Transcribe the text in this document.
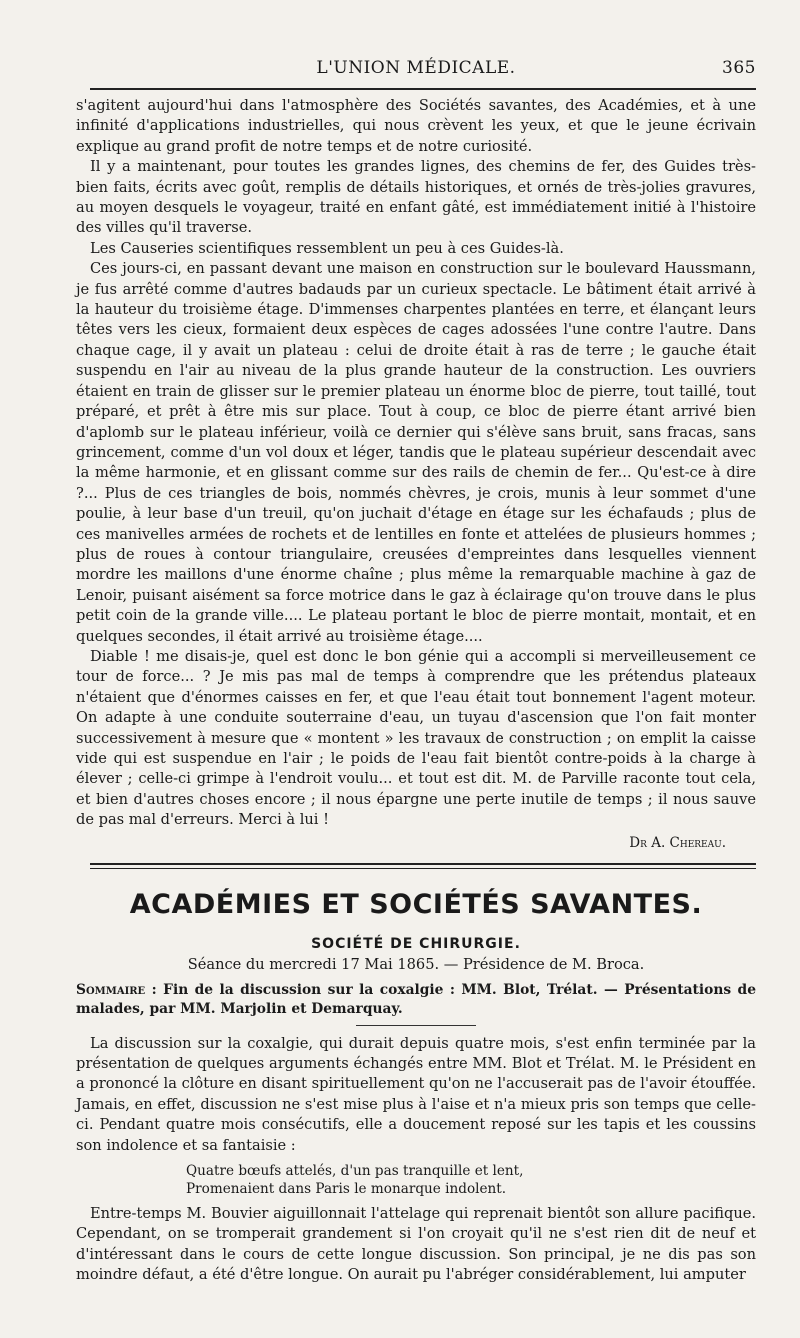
L'UNION MÉDICALE.	365

s'agitent aujourd'hui dans l'atmosphère des Sociétés savantes, des Académies, et à une infinité d'applications industrielles, qui nous crèvent les yeux, et que le jeune écrivain explique au grand profit de notre temps et de notre curiosité.

Il y a maintenant, pour toutes les grandes lignes, des chemins de fer, des Guides très-bien faits, écrits avec goût, remplis de détails historiques, et ornés de très-jolies gravures, au moyen desquels le voyageur, traité en enfant gâté, est immédiatement initié à l'histoire des villes qu'il traverse.

Les Causeries scientifiques ressemblent un peu à ces Guides-là.

Ces jours-ci, en passant devant une maison en construction sur le boulevard Haussmann, je fus arrêté comme d'autres badauds par un curieux spectacle. Le bâtiment était arrivé à la hauteur du troisième étage. D'immenses charpentes plantées en terre, et élançant leurs têtes vers les cieux, formaient deux espèces de cages adossées l'une contre l'autre. Dans chaque cage, il y avait un plateau : celui de droite était à ras de terre ; le gauche était suspendu en l'air au niveau de la plus grande hauteur de la construction. Les ouvriers étaient en train de glisser sur le premier plateau un énorme bloc de pierre, tout taillé, tout préparé, et prêt à être mis sur place. Tout à coup, ce bloc de pierre étant arrivé bien d'aplomb sur le plateau inférieur, voilà ce dernier qui s'élève sans bruit, sans fracas, sans grincement, comme d'un vol doux et léger, tandis que le plateau supérieur descendait avec la même harmonie, et en glissant comme sur des rails de chemin de fer... Qu'est-ce à dire ?... Plus de ces triangles de bois, nommés chèvres, je crois, munis à leur sommet d'une poulie, à leur base d'un treuil, qu'on juchait d'étage en étage sur les échafauds ; plus de ces manivelles armées de rochets et de lentilles en fonte et attelées de plusieurs hommes ; plus de roues à contour triangulaire, creusées d'empreintes dans lesquelles viennent mordre les maillons d'une énorme chaîne ; plus même la remarquable machine à gaz de Lenoir, puisant aisément sa force motrice dans le gaz à éclairage qu'on trouve dans le plus petit coin de la grande ville.... Le plateau portant le bloc de pierre montait, montait, et en quelques secondes, il était arrivé au troisième étage....

Diable ! me disais-je, quel est donc le bon génie qui a accompli si merveilleusement ce tour de force... ? Je mis pas mal de temps à comprendre que les prétendus plateaux n'étaient que d'énormes caisses en fer, et que l'eau était tout bonnement l'agent moteur. On adapte à une conduite souterraine d'eau, un tuyau d'ascension que l'on fait monter successivement à mesure que « montent » les travaux de construction ; on emplit la caisse vide qui est suspendue en l'air ; le poids de l'eau fait bientôt contre-poids à la charge à élever ; celle-ci grimpe à l'endroit voulu... et tout est dit. M. de Parville raconte tout cela, et bien d'autres choses encore ; il nous épargne une perte inutile de temps ; il nous sauve de pas mal d'erreurs. Merci à lui !

Dr A. Chereau.
ACADÉMIES ET SOCIÉTÉS SAVANTES.
SOCIÉTÉ DE CHIRURGIE.
Séance du mercredi 17 Mai 1865. — Présidence de M. Broca.
Sommaire : Fin de la discussion sur la coxalgie : MM. Blot, Trélat. — Présentations de malades, par MM. Marjolin et Demarquay.

La discussion sur la coxalgie, qui durait depuis quatre mois, s'est enfin terminée par la présentation de quelques arguments échangés entre MM. Blot et Trélat. M. le Président en a prononcé la clôture en disant spirituellement qu'on ne l'accuserait pas de l'avoir étouffée. Jamais, en effet, discussion ne s'est mise plus à l'aise et n'a mieux pris son temps que celle-ci. Pendant quatre mois consécutifs, elle a doucement reposé sur les tapis et les coussins son indolence et sa fantaisie :

Quatre bœufs attelés, d'un pas tranquille et lent,
Promenaient dans Paris le monarque indolent.

Entre-temps M. Bouvier aiguillonnait l'attelage qui reprenait bientôt son allure pacifique. Cependant, on se tromperait grandement si l'on croyait qu'il ne s'est rien dit de neuf et d'intéressant dans le cours de cette longue discussion. Son principal, je ne dis pas son moindre défaut, a été d'être longue. On aurait pu l'abréger considérablement, lui amputer
